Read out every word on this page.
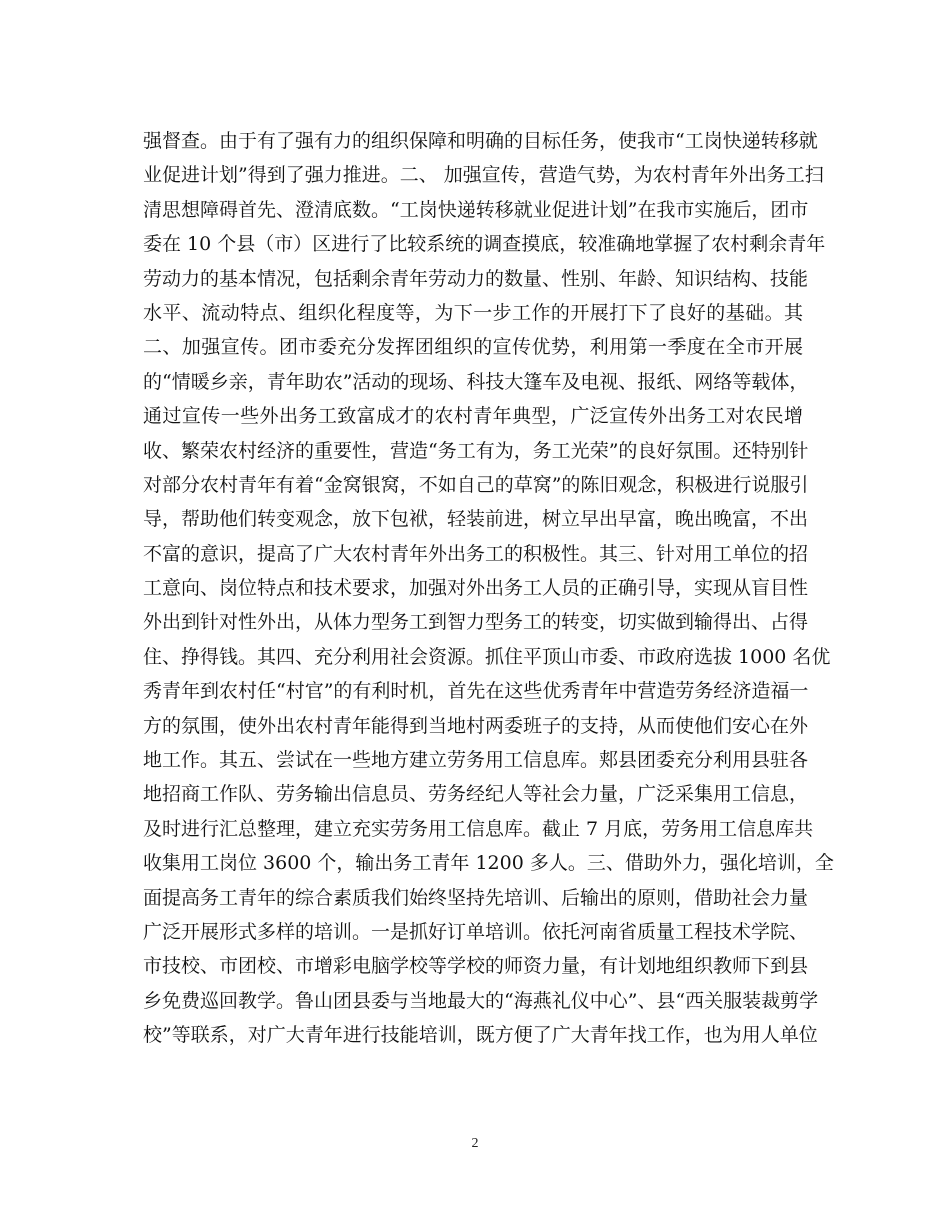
强督查。由于有了强有力的组织保障和明确的目标任务，使我市“工岗快递转移就
业促进计划”得到了强力推进。二、 加强宣传，营造气势，为农村青年外出务工扫
清思想障碍首先、澄清底数。“工岗快递转移就业促进计划”在我市实施后，团市
委在 10 个县（市）区进行了比较系统的调查摸底，较准确地掌握了农村剩余青年
劳动力的基本情况，包括剩余青年劳动力的数量、性别、年龄、知识结构、技能
水平、流动特点、组织化程度等，为下一步工作的开展打下了良好的基础。其
二、加强宣传。团市委充分发挥团组织的宣传优势，利用第一季度在全市开展
的“情暖乡亲，青年助农”活动的现场、科技大篷车及电视、报纸、网络等载体，
通过宣传一些外出务工致富成才的农村青年典型，广泛宣传外出务工对农民增
收、繁荣农村经济的重要性，营造“务工有为，务工光荣”的良好氛围。还特别针
对部分农村青年有着“金窝银窝，不如自己的草窝”的陈旧观念，积极进行说服引
导，帮助他们转变观念，放下包袱，轻装前进，树立早出早富，晚出晚富，不出
不富的意识，提高了广大农村青年外出务工的积极性。其三、针对用工单位的招
工意向、岗位特点和技术要求，加强对外出务工人员的正确引导，实现从盲目性
外出到针对性外出，从体力型务工到智力型务工的转变，切实做到输得出、占得
住、挣得钱。其四、充分利用社会资源。抓住平顶山市委、市政府选拔 1000 名优
秀青年到农村任“村官”的有利时机，首先在这些优秀青年中营造劳务经济造福一
方的氛围，使外出农村青年能得到当地村两委班子的支持，从而使他们安心在外
地工作。其五、尝试在一些地方建立劳务用工信息库。郏县团委充分利用县驻各
地招商工作队、劳务输出信息员、劳务经纪人等社会力量，广泛采集用工信息，
及时进行汇总整理，建立充实劳务用工信息库。截止 7 月底，劳务用工信息库共
收集用工岗位 3600 个，输出务工青年 1200 多人。三、借助外力，强化培训，全
面提高务工青年的综合素质我们始终坚持先培训、后输出的原则，借助社会力量
广泛开展形式多样的培训。一是抓好订单培训。依托河南省质量工程技术学院、
市技校、市团校、市增彩电脑学校等学校的师资力量，有计划地组织教师下到县
乡免费巡回教学。鲁山团县委与当地最大的“海燕礼仪中心”、县“西关服装裁剪学
校”等联系，对广大青年进行技能培训，既方便了广大青年找工作，也为用人单位
2
